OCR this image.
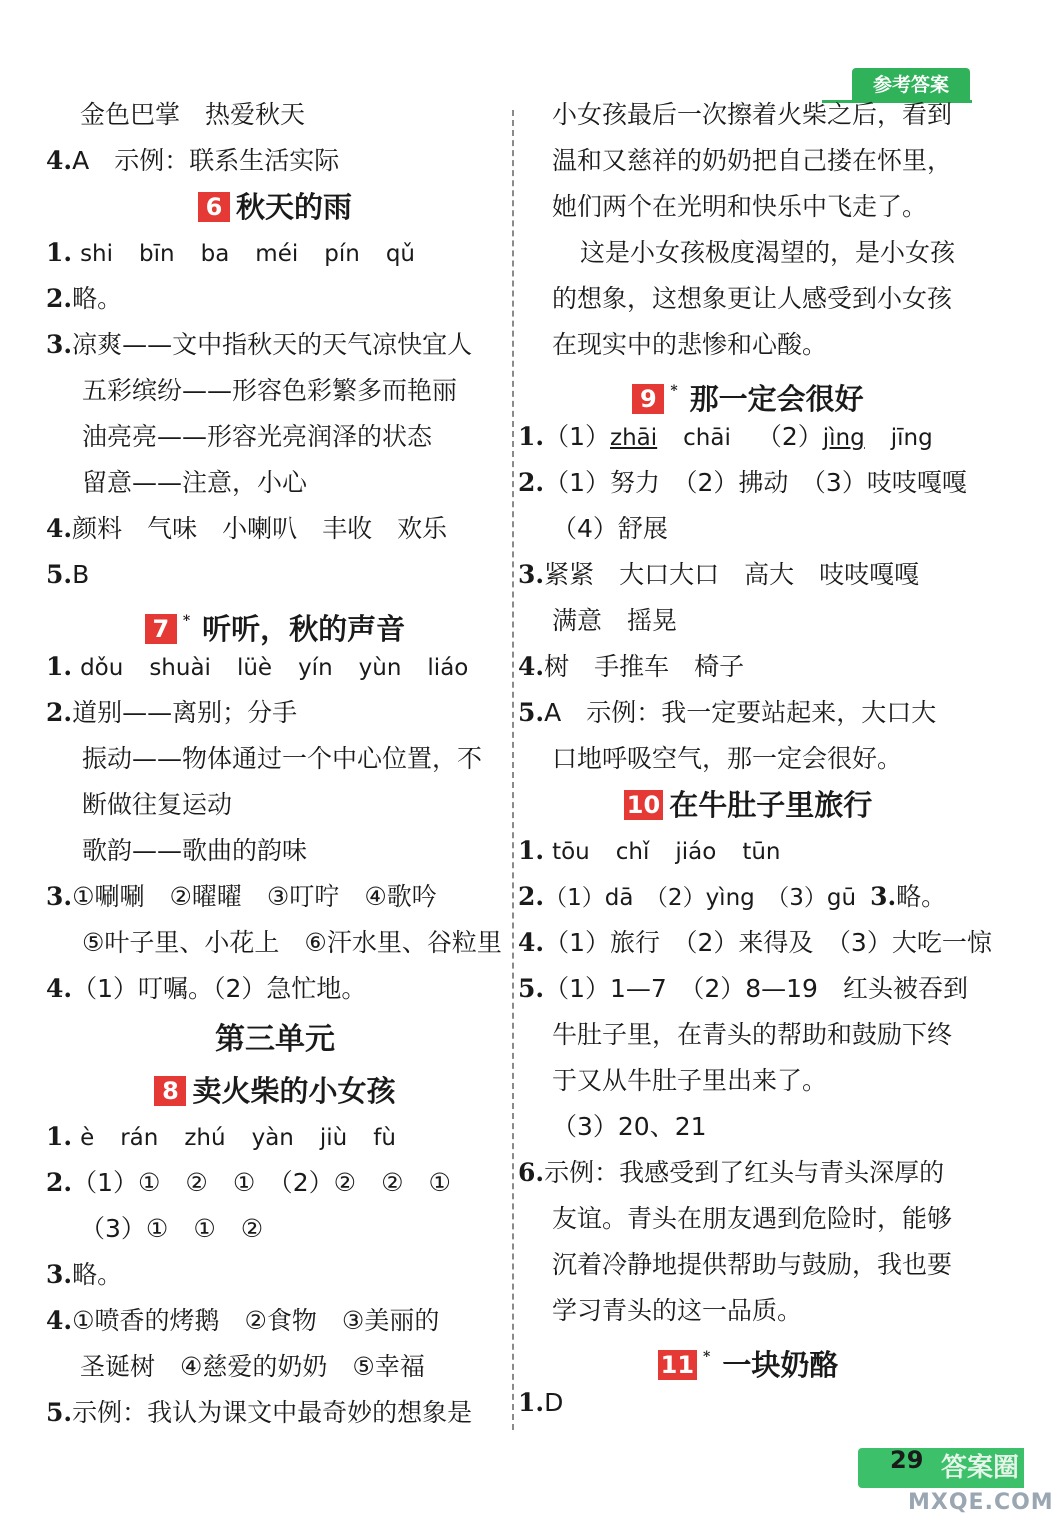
参考答案
金色巴掌　热爱秋天
4.A　示例：联系生活实际
6 秋天的雨
1. shi bīn ba méi pín qǔ
2.略。
3.凉爽——文中指秋天的天气凉快宜人
五彩缤纷——形容色彩繁多而艳丽
油亮亮——形容光亮润泽的状态
留意——注意，小心
4.颜料　气味　小喇叭　丰收　欢乐
5.B
7 * 听听，秋的声音
1. dǒu shuài lüè yín yùn liáo
2.道别——离别；分手
振动——物体通过一个中心位置，不
断做往复运动
歌韵——歌曲的韵味
3.①唰唰　②曜曜　③叮咛　④歌吟
⑤叶子里、小花上　⑥汗水里、谷粒里
4.（1）叮嘱。（2）急忙地。
第三单元
8 卖火柴的小女孩
1. è rán zhú yàn jiù fù
2.（1）①　②　①　（2）②　②　①
（3）①　①　②
3.略。
4.①喷香的烤鹅　②食物　③美丽的
圣诞树　④慈爱的奶奶　⑤幸福
5.示例：我认为课文中最奇妙的想象是
小女孩最后一次擦着火柴之后，看到
温和又慈祥的奶奶把自己搂在怀里，
她们两个在光明和快乐中飞走了。
这是小女孩极度渴望的，是小女孩
的想象，这想象更让人感受到小女孩
在现实中的悲惨和心酸。
9 * 那一定会很好
1.（1）zhāi chāi （2）jìng jīng
2.（1）努力　（2）拂动　（3）吱吱嘎嘎
（4）舒展
3.紧紧　大口大口　高大　吱吱嘎嘎
满意　摇晃
4.树　手推车　椅子
5.A　示例：我一定要站起来，大口大
口地呼吸空气，那一定会很好。
10 在牛肚子里旅行
1. tōu chǐ jiáo tūn
2.（1）dā　（2）yìng　（3）gū 3.略。
4.（1）旅行　（2）来得及　（3）大吃一惊
5.（1）1—7　（2）8—19　红头被吞到
牛肚子里，在青头的帮助和鼓励下终
于又从牛肚子里出来了。
（3）20、21
6.示例：我感受到了红头与青头深厚的
友谊。青头在朋友遇到危险时，能够
沉着冷静地提供帮助与鼓励，我也要
学习青头的这一品质。
11 * 一块奶酪
1.D
答案圈
29
MXQE.COM
